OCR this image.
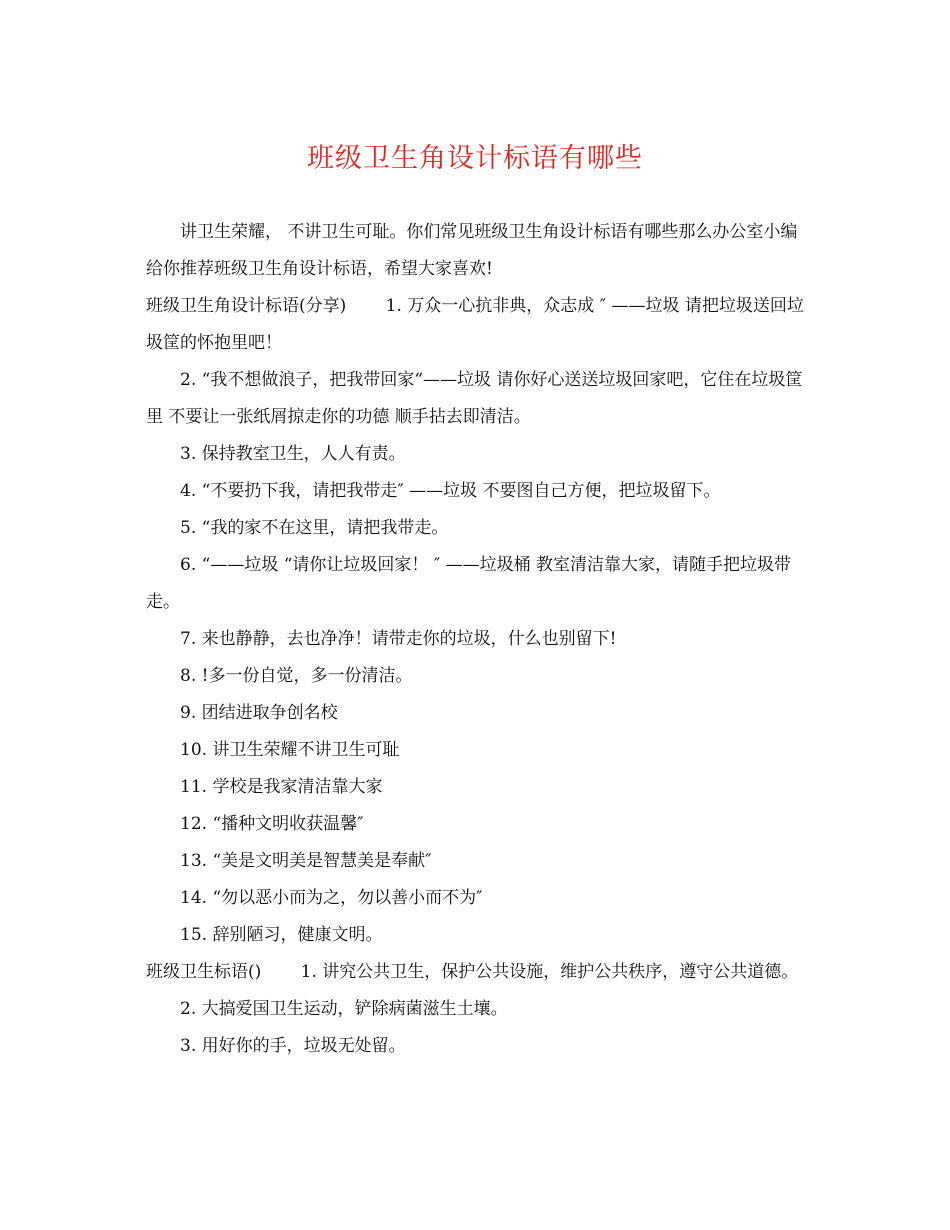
班级卫生角设计标语有哪些

讲卫生荣耀， 不讲卫生可耻。你们常见班级卫生角设计标语有哪些那么办公室小编给你推荐班级卫生角设计标语，希望大家喜欢!

班级卫生角设计标语(分享)　　 1. 万众一心抗非典，众志成 ″ ——垃圾 请把垃圾送回垃圾筐的怀抱里吧！

2. “我不想做浪子，把我带回家“——垃圾 请你好心送送垃圾回家吧，它住在垃圾筐里 不要让一张纸屑掠走你的功德 顺手拈去即清洁。

3. 保持教室卫生，人人有责。

4. “不要扔下我，请把我带走″ ——垃圾 不要图自己方便，把垃圾留下。

5. “我的家不在这里，请把我带走。

6. “——垃圾 “请你让垃圾回家！ ″ ——垃圾桶 教室清洁靠大家，请随手把垃圾带走。

7. 来也静静，去也净净！请带走你的垃圾，什么也别留下!

8. !多一份自觉，多一份清洁。

9. 团结进取争创名校

10. 讲卫生荣耀不讲卫生可耻

11. 学校是我家清洁靠大家

12. “播种文明收获温馨″

13. “美是文明美是智慧美是奉献″

14. “勿以恶小而为之，勿以善小而不为″

15. 辞别陋习，健康文明。

班级卫生标语()　　 1. 讲究公共卫生，保护公共设施，维护公共秩序，遵守公共道德。

2. 大搞爱国卫生运动，铲除病菌滋生土壤。

3. 用好你的手，垃圾无处留。
